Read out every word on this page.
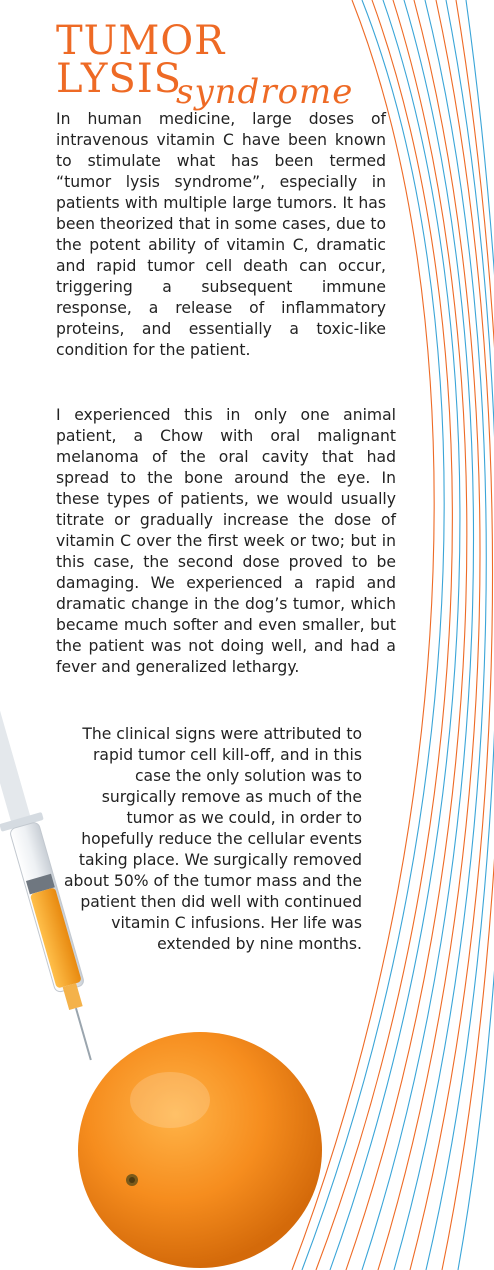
TUMOR
LYSIS
syndrome
In human medicine, large doses of intravenous vitamin C have been known to stimulate what has been termed “tumor lysis syndrome”, especially in patients with multiple large tumors. It has been theorized that in some cases, due to the potent ability of vitamin C, dramatic and rapid tumor cell death can occur, triggering a subsequent immune response, a release of inflammatory proteins, and essentially a toxic-like condition for the patient.
I experienced this in only one animal patient, a Chow with oral malignant melanoma of the oral cavity that had spread to the bone around the eye. In these types of patients, we would usually titrate or gradually increase the dose of vitamin C over the first week or two; but in this case, the second dose proved to be damaging. We experienced a rapid and dramatic change in the dog’s tumor, which became much softer and even smaller, but the patient was not doing well, and had a fever and generalized lethargy.
The clinical signs were attributed to rapid tumor cell kill-off, and in this case the only solution was to surgically remove as much of the tumor as we could, in order to hopefully reduce the cellular events taking place. We surgically removed about 50% of the tumor mass and the patient then did well with continued vitamin C infusions. Her life was extended by nine months.
